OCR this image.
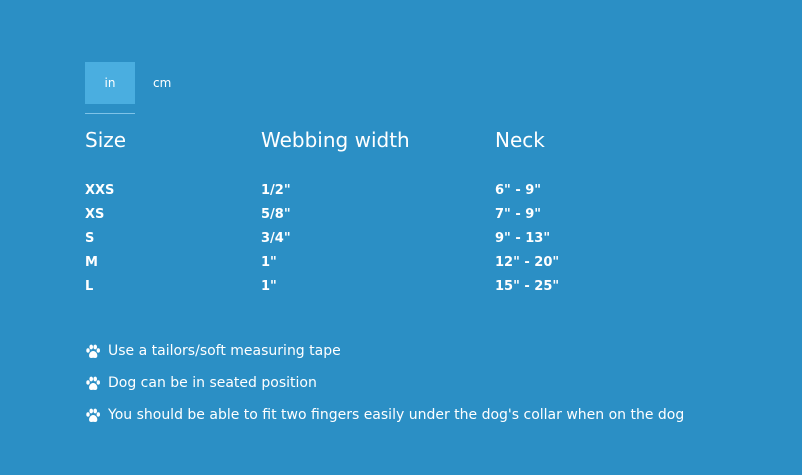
in	cm
Size	Webbing width	Neck
XXS	1/2"	6" - 9"
XS	5/8"	7" - 9"
S	3/4"	9" - 13"
M	1"	12" - 20"
L	1"	15" - 25"
Use a tailors/soft measuring tape
Dog can be in seated position
You should be able to fit two fingers easily under the dog's collar when on the dog
